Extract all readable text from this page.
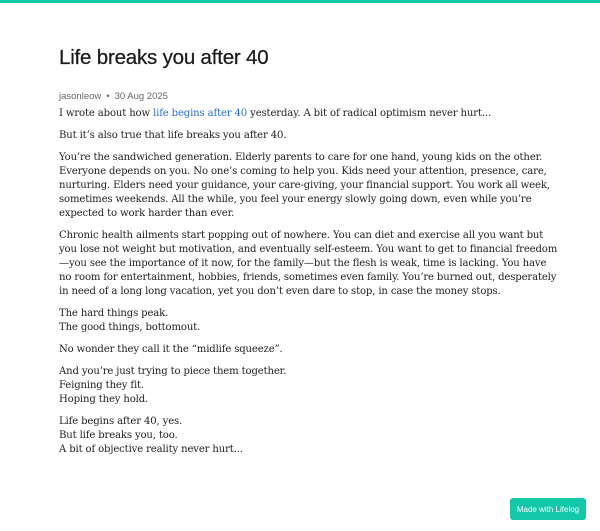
Life breaks you after 40
jasonleow • 30 Aug 2025

I wrote about how life begins after 40 yesterday. A bit of radical optimism never hurt...

But it’s also true that life breaks you after 40.

You’re the sandwiched generation. Elderly parents to care for one hand, young kids on the other. Everyone depends on you. No one’s coming to help you. Kids need your attention, presence, care, nurturing. Elders need your guidance, your care-giving, your financial support. You work all week, sometimes weekends. All the while, you feel your energy slowly going down, even while you’re expected to work harder than ever.

Chronic health ailments start popping out of nowhere. You can diet and exercise all you want but you lose not weight but motivation, and eventually self-esteem. You want to get to financial freedom—you see the importance of it now, for the family—but the flesh is weak, time is lacking. You have no room for entertainment, hobbies, friends, sometimes even family. You’re burned out, desperately in need of a long long vacation, yet you don’t even dare to stop, in case the money stops.

The hard things peak.
The good things, bottomout.

No wonder they call it the “midlife squeeze”.

And you’re just trying to piece them together.
Feigning they fit.
Hoping they hold.

Life begins after 40, yes.
But life breaks you, too.
A bit of objective reality never hurt...

Made with Lifelog
